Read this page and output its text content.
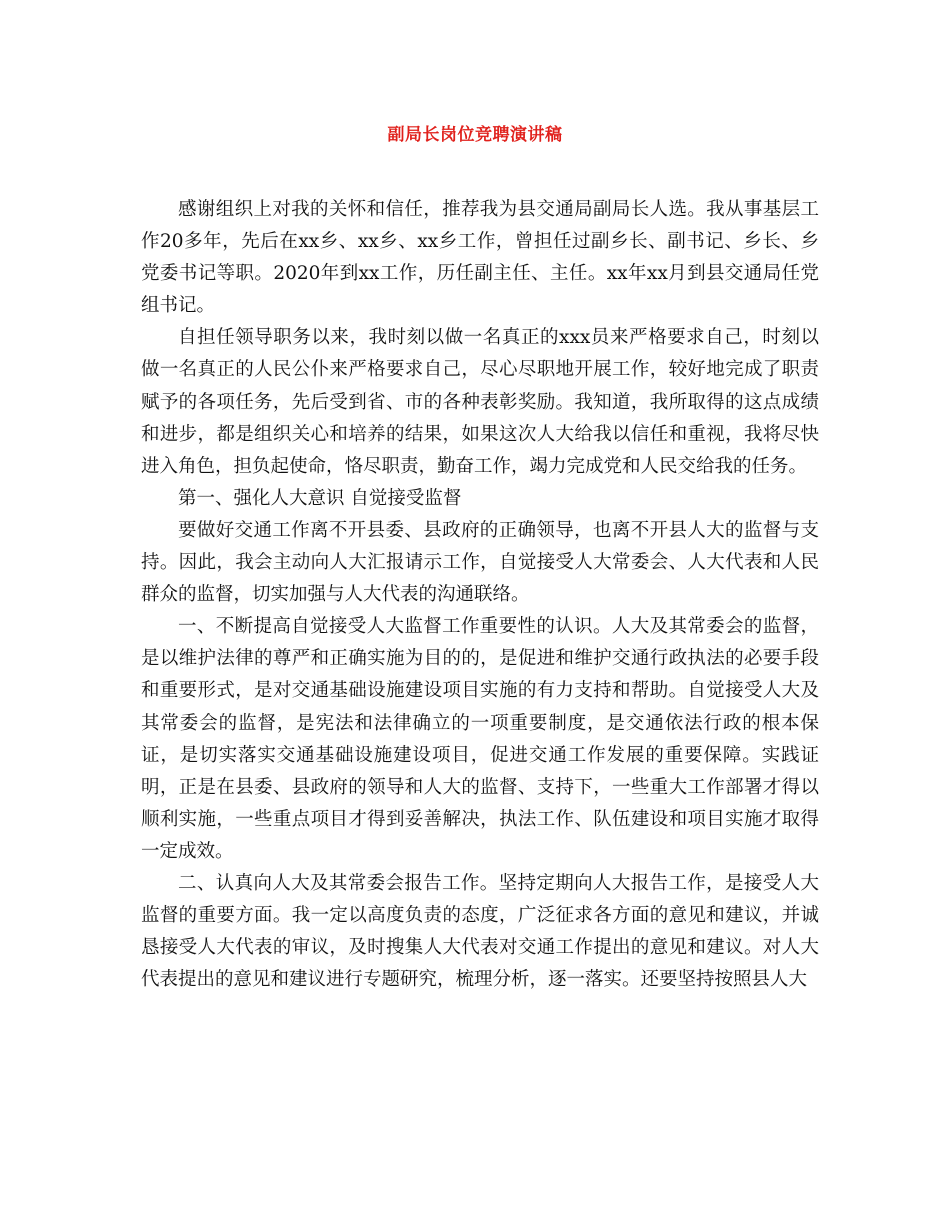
副局长岗位竞聘演讲稿

感谢组织上对我的关怀和信任，推荐我为县交通局副局长人选。我从事基层工作20多年，先后在xx乡、xx乡、xx乡工作，曾担任过副乡长、副书记、乡长、乡党委书记等职。2020年到xx工作，历任副主任、主任。xx年xx月到县交通局任党组书记。

自担任领导职务以来，我时刻以做一名真正的xxx员来严格要求自己，时刻以做一名真正的人民公仆来严格要求自己，尽心尽职地开展工作，较好地完成了职责赋予的各项任务，先后受到省、市的各种表彰奖励。我知道，我所取得的这点成绩和进步，都是组织关心和培养的结果，如果这次人大给我以信任和重视，我将尽快进入角色，担负起使命，恪尽职责，勤奋工作，竭力完成党和人民交给我的任务。

第一、强化人大意识 自觉接受监督

要做好交通工作离不开县委、县政府的正确领导，也离不开县人大的监督与支持。因此，我会主动向人大汇报请示工作，自觉接受人大常委会、人大代表和人民群众的监督，切实加强与人大代表的沟通联络。

一、不断提高自觉接受人大监督工作重要性的认识。人大及其常委会的监督，是以维护法律的尊严和正确实施为目的的，是促进和维护交通行政执法的必要手段和重要形式，是对交通基础设施建设项目实施的有力支持和帮助。自觉接受人大及其常委会的监督，是宪法和法律确立的一项重要制度，是交通依法行政的根本保证，是切实落实交通基础设施建设项目，促进交通工作发展的重要保障。实践证明，正是在县委、县政府的领导和人大的监督、支持下，一些重大工作部署才得以顺利实施，一些重点项目才得到妥善解决，执法工作、队伍建设和项目实施才取得一定成效。

二、认真向人大及其常委会报告工作。坚持定期向人大报告工作，是接受人大监督的重要方面。我一定以高度负责的态度，广泛征求各方面的意见和建议，并诚恳接受人大代表的审议，及时搜集人大代表对交通工作提出的意见和建议。对人大代表提出的意见和建议进行专题研究，梳理分析，逐一落实。还要坚持按照县人大
